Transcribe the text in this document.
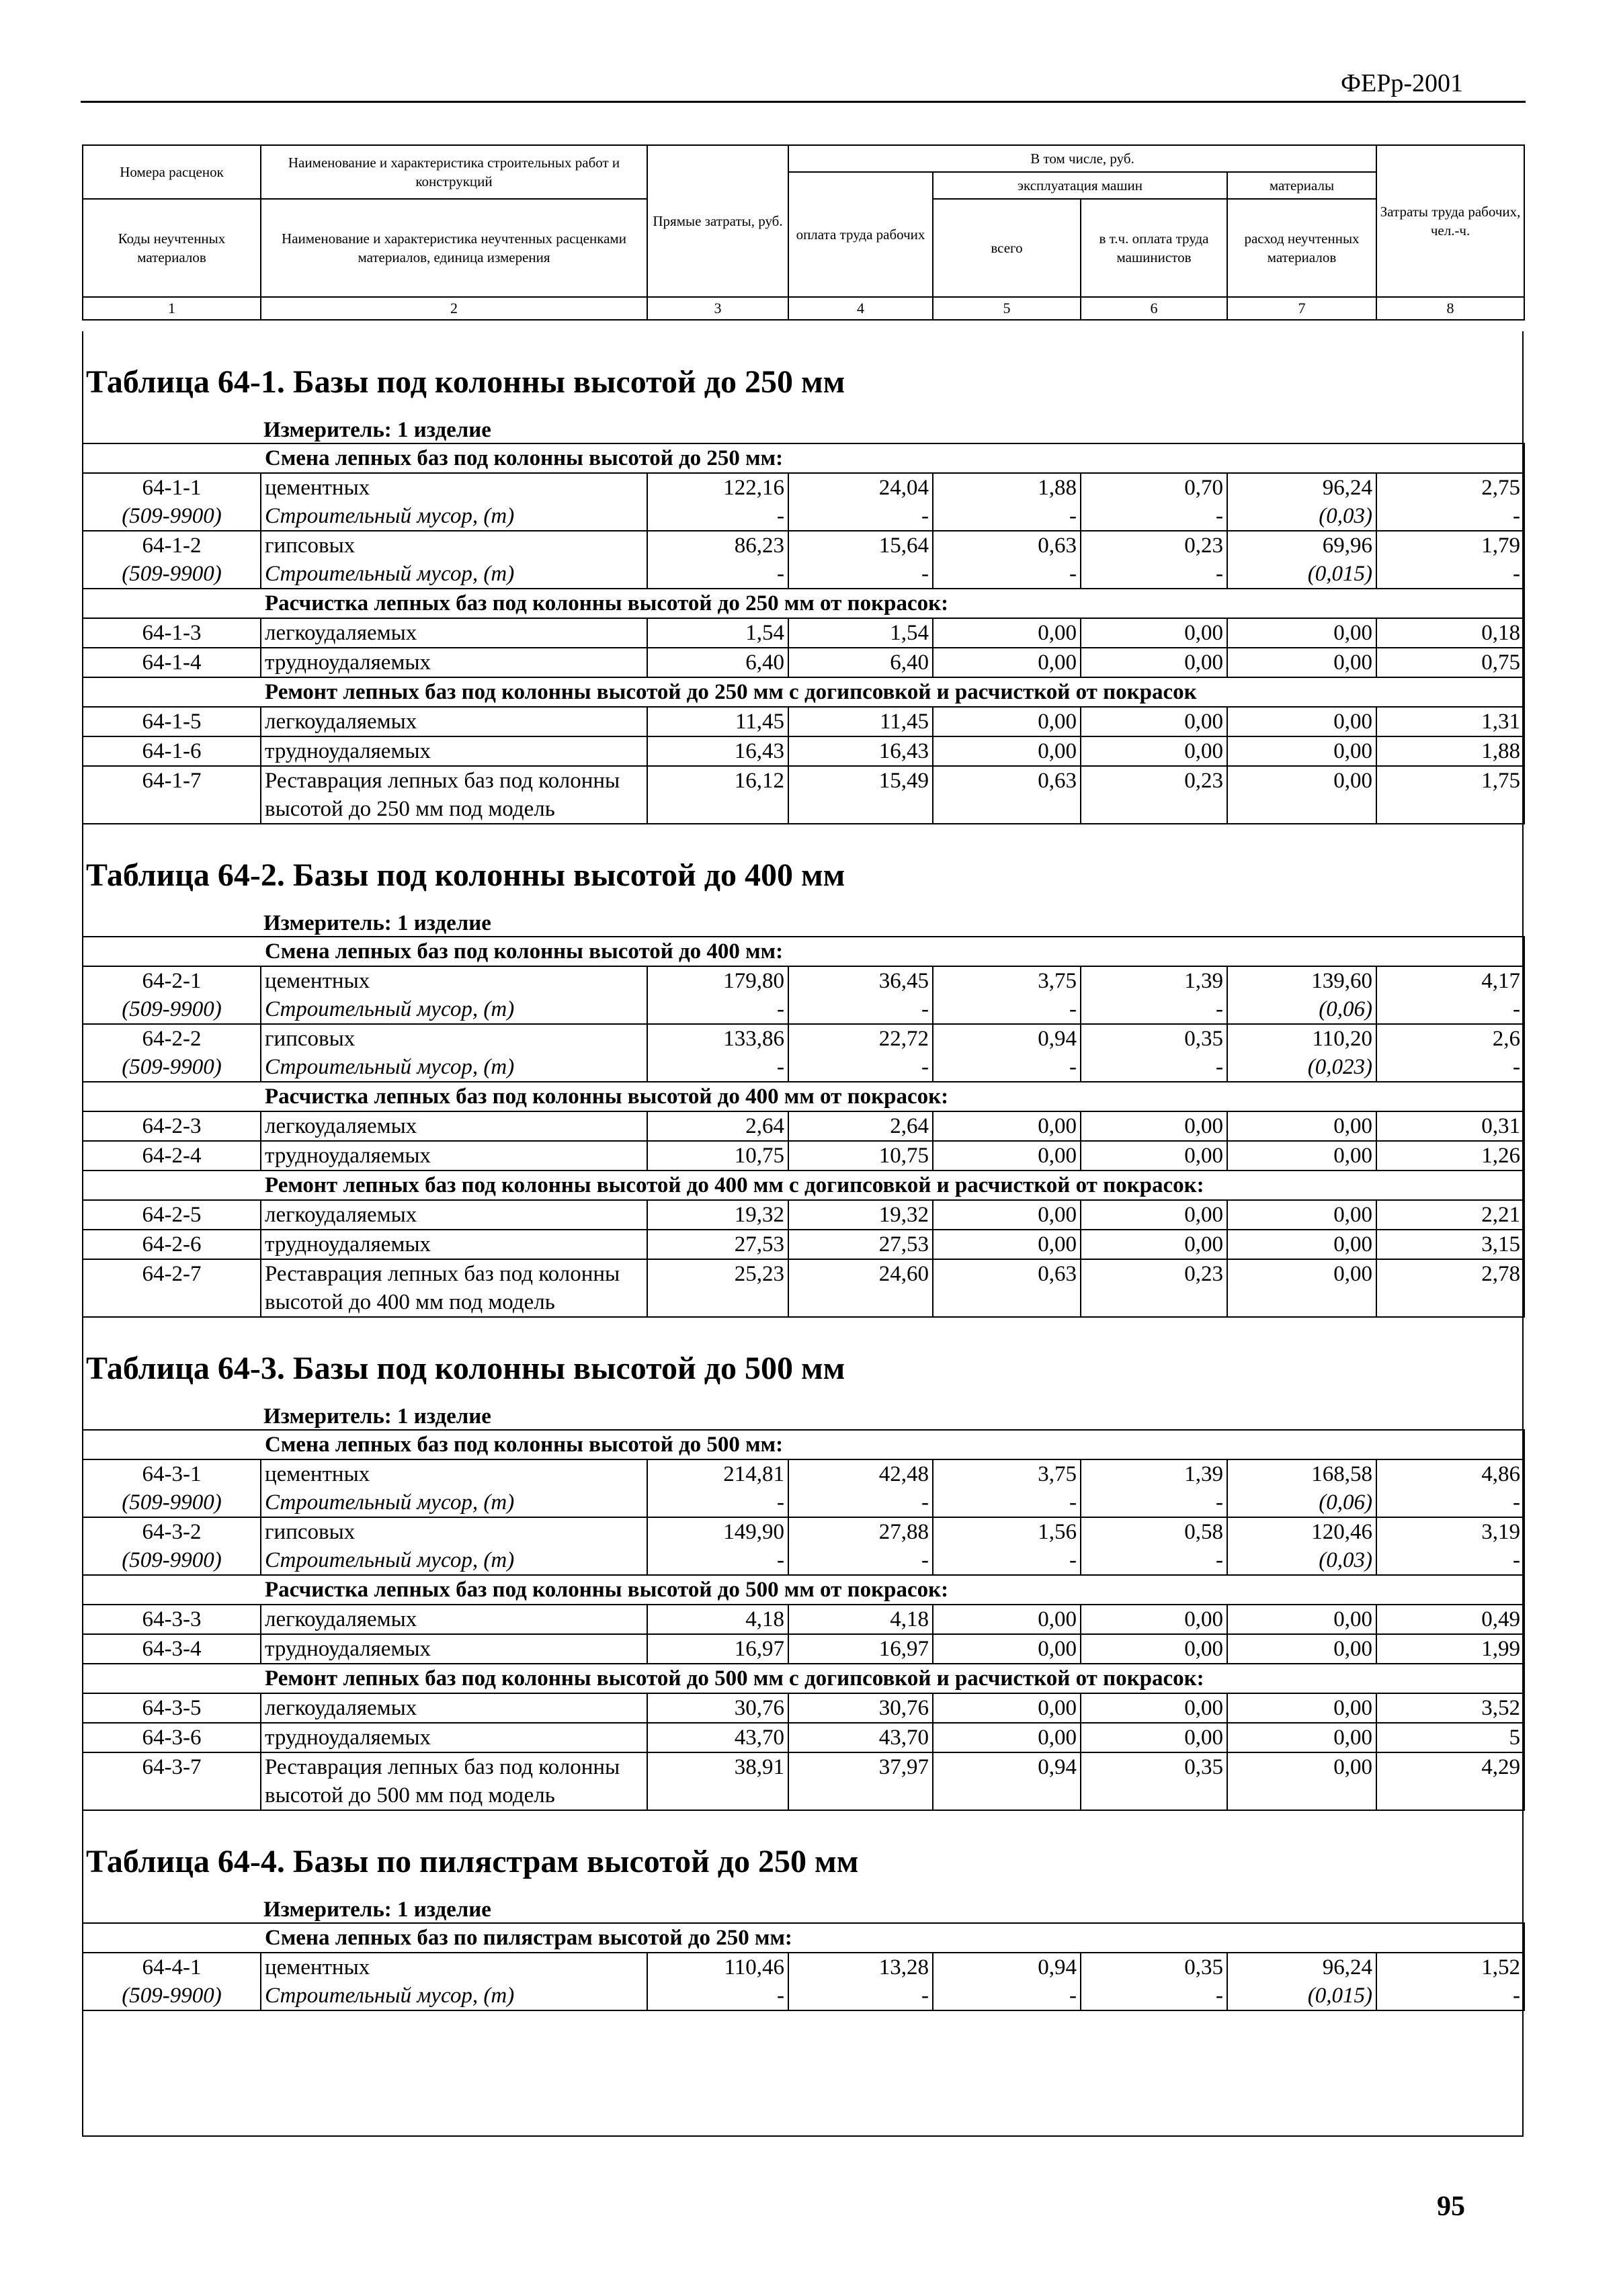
ФЕРр-2001
Номера расценок	Наименование и характеристика строительных работ и конструкций	Прямые затраты, руб.	В том числе, руб.				Затраты труда рабочих, чел.-ч.
			оплата труда рабочих	эксплуатация машин		материалы	
Коды неучтенных материалов	Наименование и характеристика неучтенных расценками материалов, единица измерения			всего	в т.ч. оплата труда машинистов	расход неучтенных материалов	

1	2	3	4	5	6	7	8
Таблица 64-1. Базы под колонны высотой до 250 мм
Измеритель: 1 изделие
Смена лепных баз под колонны высотой до 250 мм:							
64-1-1	цементных	122,16	24,04	1,88	0,70	96,24	2,75
(509-9900)	Строительный мусор, (т)	-	-	-	-	(0,03)	-
64-1-2	гипсовых	86,23	15,64	0,63	0,23	69,96	1,79
(509-9900)	Строительный мусор, (т)	-	-	-	-	(0,015)	-
Расчистка лепных баз под колонны высотой до 250 мм от покрасок:							
64-1-3	легкоудаляемых	1,54	1,54	0,00	0,00	0,00	0,18
64-1-4	трудноудаляемых	6,40	6,40	0,00	0,00	0,00	0,75
Ремонт лепных баз под колонны высотой до 250 мм с догипсовкой и расчисткой от покрасок							
64-1-5	легкоудаляемых	11,45	11,45	0,00	0,00	0,00	1,31
64-1-6	трудноудаляемых	16,43	16,43	0,00	0,00	0,00	1,88
64-1-7	Реставрация лепных баз под колонны высотой до 250 мм под модель	16,12	15,49	0,63	0,23	0,00	1,75
Таблица 64-2. Базы под колонны высотой до 400 мм
Измеритель: 1 изделие
Смена лепных баз под колонны высотой до 400 мм:							
64-2-1	цементных	179,80	36,45	3,75	1,39	139,60	4,17
(509-9900)	Строительный мусор, (т)	-	-	-	-	(0,06)	-
64-2-2	гипсовых	133,86	22,72	0,94	0,35	110,20	2,6
(509-9900)	Строительный мусор, (т)	-	-	-	-	(0,023)	-
Расчистка лепных баз под колонны высотой до 400 мм от покрасок:							
64-2-3	легкоудаляемых	2,64	2,64	0,00	0,00	0,00	0,31
64-2-4	трудноудаляемых	10,75	10,75	0,00	0,00	0,00	1,26
Ремонт лепных баз под колонны высотой до 400 мм с догипсовкой и расчисткой от покрасок:							
64-2-5	легкоудаляемых	19,32	19,32	0,00	0,00	0,00	2,21
64-2-6	трудноудаляемых	27,53	27,53	0,00	0,00	0,00	3,15
64-2-7	Реставрация лепных баз под колонны высотой до 400 мм под модель	25,23	24,60	0,63	0,23	0,00	2,78
Таблица 64-3. Базы под колонны высотой до 500 мм
Измеритель: 1 изделие
Смена лепных баз под колонны высотой до 500 мм:							
64-3-1	цементных	214,81	42,48	3,75	1,39	168,58	4,86
(509-9900)	Строительный мусор, (т)	-	-	-	-	(0,06)	-
64-3-2	гипсовых	149,90	27,88	1,56	0,58	120,46	3,19
(509-9900)	Строительный мусор, (т)	-	-	-	-	(0,03)	-
Расчистка лепных баз под колонны высотой до 500 мм от покрасок:							
64-3-3	легкоудаляемых	4,18	4,18	0,00	0,00	0,00	0,49
64-3-4	трудноудаляемых	16,97	16,97	0,00	0,00	0,00	1,99
Ремонт лепных баз под колонны высотой до 500 мм с догипсовкой и расчисткой от покрасок:							
64-3-5	легкоудаляемых	30,76	30,76	0,00	0,00	0,00	3,52
64-3-6	трудноудаляемых	43,70	43,70	0,00	0,00	0,00	5
64-3-7	Реставрация лепных баз под колонны высотой до 500 мм под модель	38,91	37,97	0,94	0,35	0,00	4,29
Таблица 64-4. Базы по пилястрам высотой до 250 мм
Измеритель: 1 изделие
Смена лепных баз по пилястрам высотой до 250 мм:							
64-4-1	цементных	110,46	13,28	0,94	0,35	96,24	1,52
(509-9900)	Строительный мусор, (т)	-	-	-	-	(0,015)	-
95
